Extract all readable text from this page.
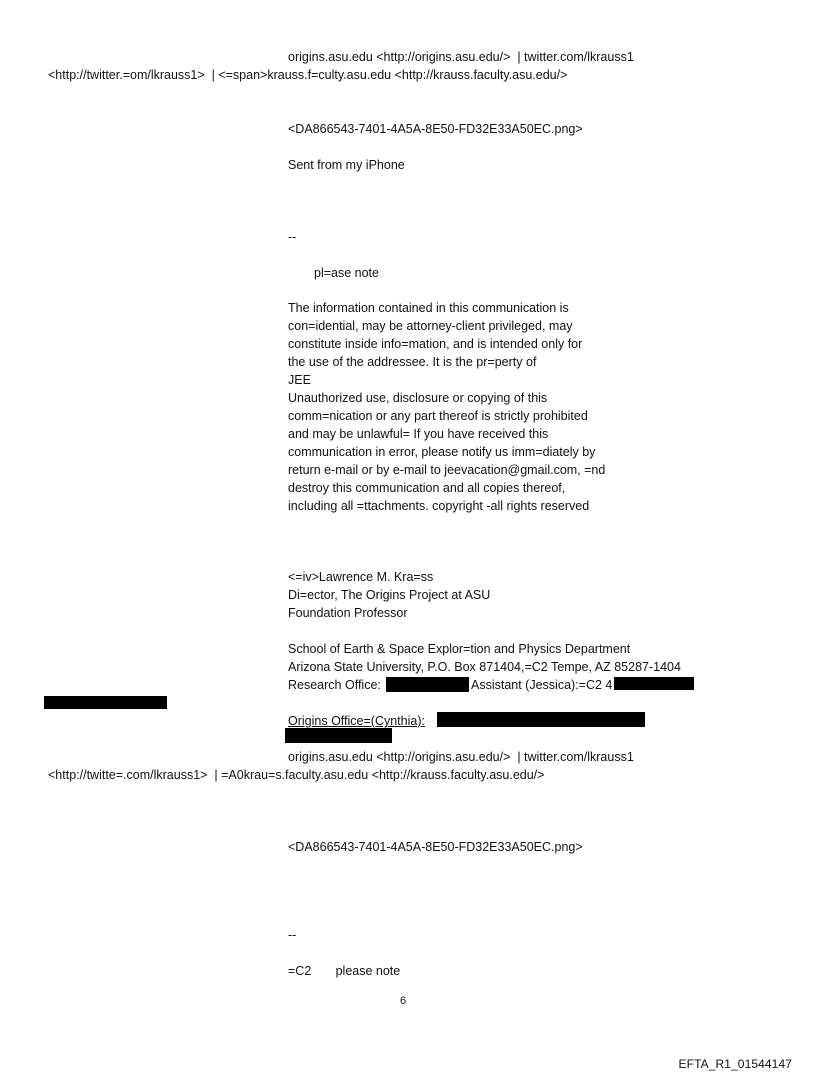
origins.asu.edu <http://origins.asu.edu/>  | twitter.com/lkrauss1
<http://twitter.=om/lkrauss1>  | <=span>krauss.f=culty.asu.edu <http://krauss.faculty.asu.edu/>
<DA866543-7401-4A5A-8E50-FD32E33A50EC.png>
Sent from my iPhone
--
pl=ase note
The information contained in this communication is
con=idential, may be attorney-client privileged, may
constitute inside info=mation, and is intended only for
the use of the addressee. It is the pr=perty of
JEE
Unauthorized use, disclosure or copying of this
comm=nication or any part thereof is strictly prohibited
and may be unlawful= If you have received this
communication in error, please notify us imm=diately by
return e-mail or by e-mail to jeevacation@gmail.com, =nd
destroy this communication and all copies thereof,
including all =ttachments. copyright -all rights reserved
<=iv>Lawrence M. Kra=ss
Di=ector, The Origins Project at ASU
Foundation Professor
School of Earth & Space Explor=tion and Physics Department
Arizona State University, P.O. Box 871404,=C2 Tempe, AZ 85287-1404
Research Office:	Assistant (Jessica):=C2 4
Origins Office=(Cynthia):
origins.asu.edu <http://origins.asu.edu/>  | twitter.com/lkrauss1
<http://twitte=.com/lkrauss1>  | =A0krau=s.faculty.asu.edu <http://krauss.faculty.asu.edu/>
<DA866543-7401-4A5A-8E50-FD32E33A50EC.png>
--
=C2       please note
6
EFTA_R1_01544147
